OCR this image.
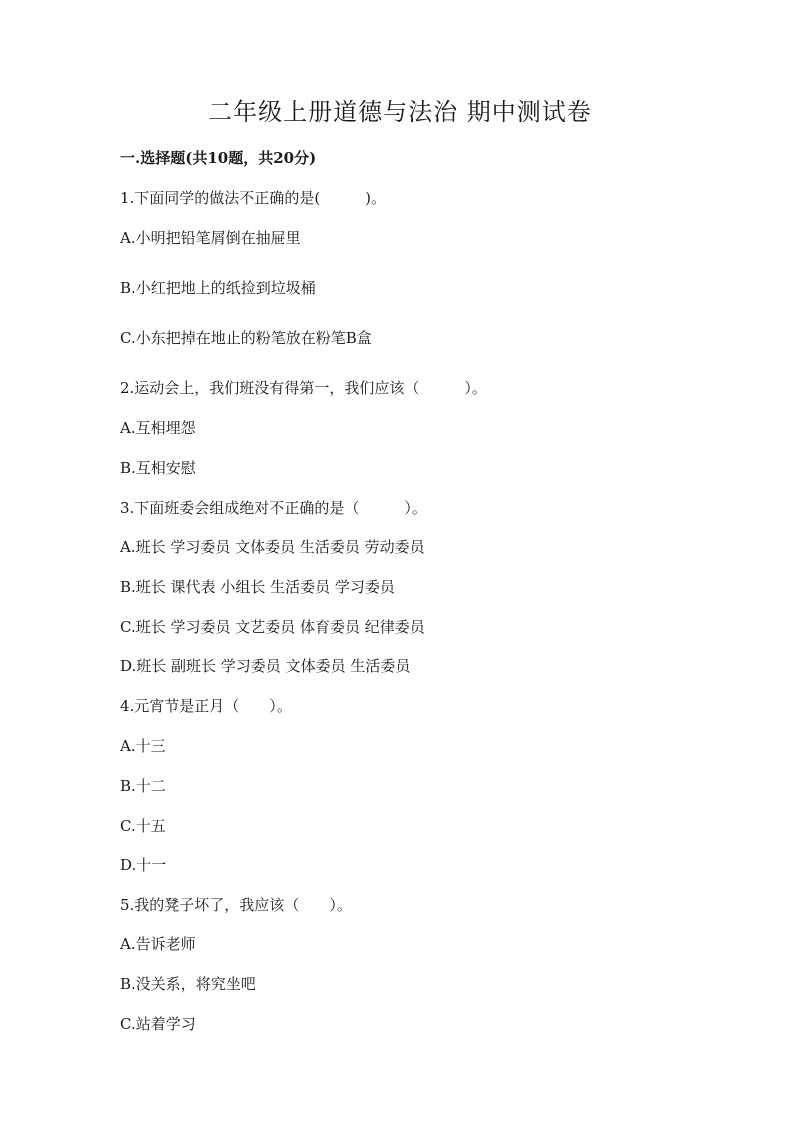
二年级上册道德与法治 期中测试卷
一.选择题(共10题，共20分)
1.下面同学的做法不正确的是(　　　)。
A.小明把铅笔屑倒在抽屉里
B.小红把地上的纸捡到垃圾桶
C.小东把掉在地止的粉笔放在粉笔B盒
2.运动会上，我们班没有得第一，我们应该（　　　）。
A.互相埋怨
B.互相安慰
3.下面班委会组成绝对不正确的是（　　　）。
A.班长 学习委员 文体委员 生活委员 劳动委员
B.班长 课代表 小组长 生活委员 学习委员
C.班长 学习委员 文艺委员 体育委员 纪律委员
D.班长 副班长 学习委员 文体委员 生活委员
4.元宵节是正月（　　）。
A.十三
B.十二
C.十五
D.十一
5.我的凳子坏了，我应该（　　）。
A.告诉老师
B.没关系，将究坐吧
C.站着学习
